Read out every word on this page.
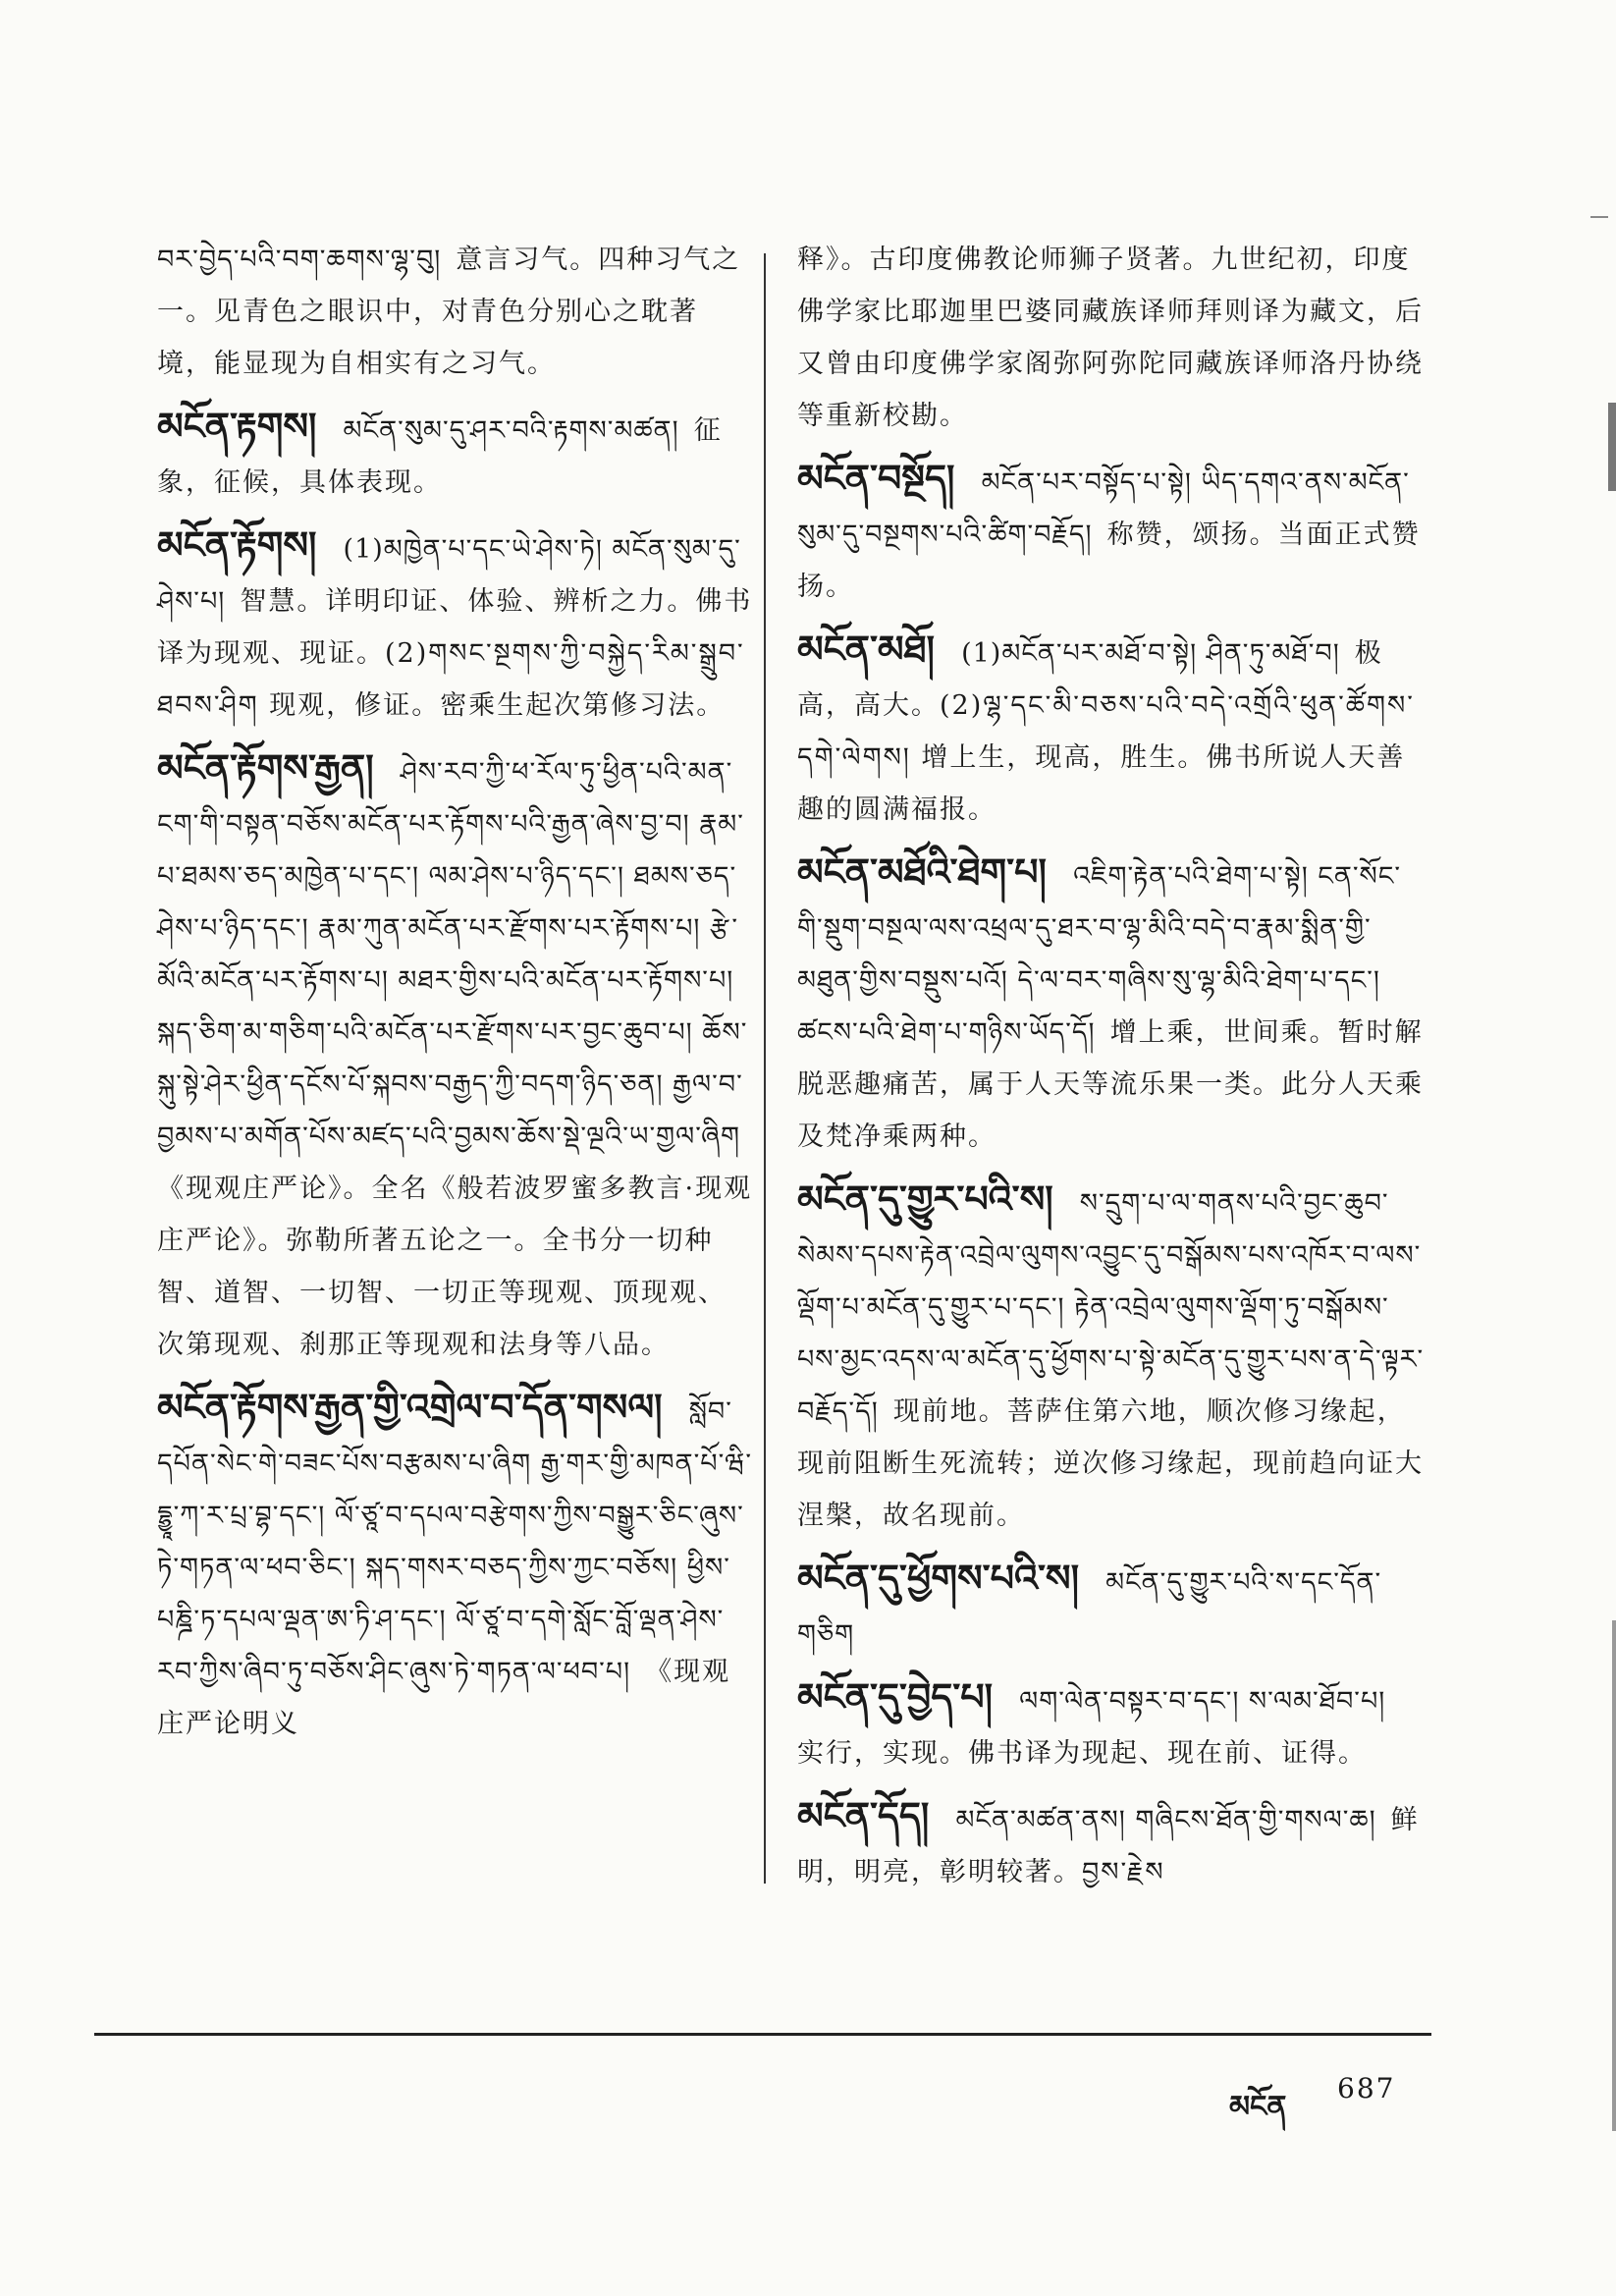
བར་བྱེད་པའི་བག་ཆགས་ལྷ་བུ། 意言习气。四种习气之一。见青色之眼识中，对青色分别心之耽著境，能显现为自相实有之习气。
མངོན་རྟགས། མངོན་སུམ་དུ་ཤར་བའི་རྟགས་མཚན། 征象，征候，具体表现。
མངོན་རྟོགས། (1)མཁྱེན་པ་དང་ཡེ་ཤེས་ཏེ། མངོན་སུམ་དུ་ཤེས་པ། 智慧。详明印证、体验、辨析之力。佛书译为现观、现证。(2)གསང་སྔགས་ཀྱི་བསྐྱེད་རིམ་སྒྲུབ་ཐབས་ཤིག 现观，修证。密乘生起次第修习法。
མངོན་རྟོགས་རྒྱན། ཤེས་རབ་ཀྱི་ཕ་རོལ་ཏུ་ཕྱིན་པའི་མན་ངག་གི་བསྟན་བཅོས་མངོན་པར་རྟོགས་པའི་རྒྱན་ཞེས་བྱ་བ། རྣམ་པ་ཐམས་ཅད་མཁྱེན་པ་དང་། ལམ་ཤེས་པ་ཉིད་དང་། ཐམས་ཅད་ཤེས་པ་ཉིད་དང་། རྣམ་ཀུན་མངོན་པར་རྫོགས་པར་རྟོགས་པ། རྩེ་མོའི་མངོན་པར་རྟོགས་པ། མཐར་གྱིས་པའི་མངོན་པར་རྟོགས་པ། སྐད་ཅིག་མ་གཅིག་པའི་མངོན་པར་རྫོགས་པར་བྱང་ཆུབ་པ། ཆོས་སྐུ་སྟེ་ཤེར་ཕྱིན་དངོས་པོ་སྐབས་བརྒྱད་ཀྱི་བདག་ཉིད་ཅན། རྒྱལ་བ་བྱམས་པ་མགོན་པོས་མཛད་པའི་བྱམས་ཆོས་སྡེ་ལྔའི་ཡ་གྱལ་ཞིག 《现观庄严论》。全名《般若波罗蜜多教言·现观庄严论》。弥勒所著五论之一。全书分一切种智、道智、一切智、一切正等现观、顶现观、次第现观、刹那正等现观和法身等八品。
མངོན་རྟོགས་རྒྱན་གྱི་འགྲེལ་བ་དོན་གསལ། སློབ་དཔོན་སེང་གེ་བཟང་པོས་བརྩམས་པ་ཞིག རྒྱ་གར་གྱི་མཁན་པོ་ཝི་དྷྱཱ་ཀ་ར་པྲ་བྷ་དང་། ལོ་ཙཱ་བ་དཔལ་བརྩེགས་ཀྱིས་བསྒྱུར་ཅིང་ཞུས་ཏེ་གཏན་ལ་ཕབ་ཅིང་། སྐད་གསར་བཅད་ཀྱིས་ཀྱང་བཅོས། ཕྱིས་པཎྜི་ཏ་དཔལ་ལྡན་ཨ་ཏི་ཤ་དང་། ལོ་ཙཱ་བ་དགེ་སློང་བློ་ལྡན་ཤེས་རབ་ཀྱིས་ཞིབ་ཏུ་བཅོས་ཤིང་ཞུས་ཏེ་གཏན་ལ་ཕབ་པ། 《现观庄严论明义
释》。古印度佛教论师狮子贤著。九世纪初，印度佛学家比耶迦里巴婆同藏族译师拜则译为藏文，后又曾由印度佛学家阁弥阿弥陀同藏族译师洛丹协绕等重新校勘。
མངོན་བསྔོད། མངོན་པར་བསྟོད་པ་སྟེ། ཡིད་དགའ་ནས་མངོན་སུམ་དུ་བསྔགས་པའི་ཚིག་བརྗོད། 称赞，颂扬。当面正式赞扬。
མངོན་མཐོ། (1)མངོན་པར་མཐོ་བ་སྟེ། ཤིན་ཏུ་མཐོ་བ། 极高，高大。(2)ལྷ་དང་མི་བཅས་པའི་བདེ་འགྲོའི་ཕུན་ཚོགས་དགེ་ལེགས། 增上生，现高，胜生。佛书所说人天善趣的圆满福报。
མངོན་མཐོའི་ཐེག་པ། འཇིག་རྟེན་པའི་ཐེག་པ་སྟེ། ངན་སོང་གི་སྡུག་བསྔལ་ལས་འཕྲལ་དུ་ཐར་བ་ལྷ་མིའི་བདེ་བ་རྣམ་སྨིན་གྱི་མཐུན་གྱིས་བསྡུས་པའོ། དེ་ལ་བར་གཞིས་སུ་ལྷ་མིའི་ཐེག་པ་དང་། ཚངས་པའི་ཐེག་པ་གཉིས་ཡོད་དོ། 增上乘，世间乘。暂时解脱恶趣痛苦，属于人天等流乐果一类。此分人天乘及梵净乘两种。
མངོན་དུ་གྱུར་པའི་ས། ས་དྲུག་པ་ལ་གནས་པའི་བྱང་ཆུབ་སེམས་དཔས་རྟེན་འབྲེལ་ལུགས་འབྱུང་དུ་བསྒོམས་པས་འཁོར་བ་ལས་ལྡོག་པ་མངོན་དུ་གྱུར་པ་དང་། རྟེན་འབྲེལ་ལུགས་ལྡོག་ཏུ་བསྒོམས་པས་མྱང་འདས་ལ་མངོན་དུ་ཕྱོགས་པ་སྟེ་མངོན་དུ་གྱུར་པས་ན་དེ་ལྟར་བརྗོད་དོ། 现前地。菩萨住第六地，顺次修习缘起，现前阻断生死流转；逆次修习缘起，现前趋向证大涅槃，故名现前。
མངོན་དུ་ཕྱོགས་པའི་ས། མངོན་དུ་གྱུར་པའི་ས་དང་དོན་གཅིག
མངོན་དུ་བྱེད་པ། ལག་ལེན་བསྟར་བ་དང་། ས་ལམ་ཐོབ་པ། 实行，实现。佛书译为现起、现在前、证得。
མངོན་དོད། མངོན་མཚན་ནས། གཞིངས་ཐོན་གྱི་གསལ་ཆ། 鲜明，明亮，彰明较著。བྱས་རྗེས
མངོན
687
